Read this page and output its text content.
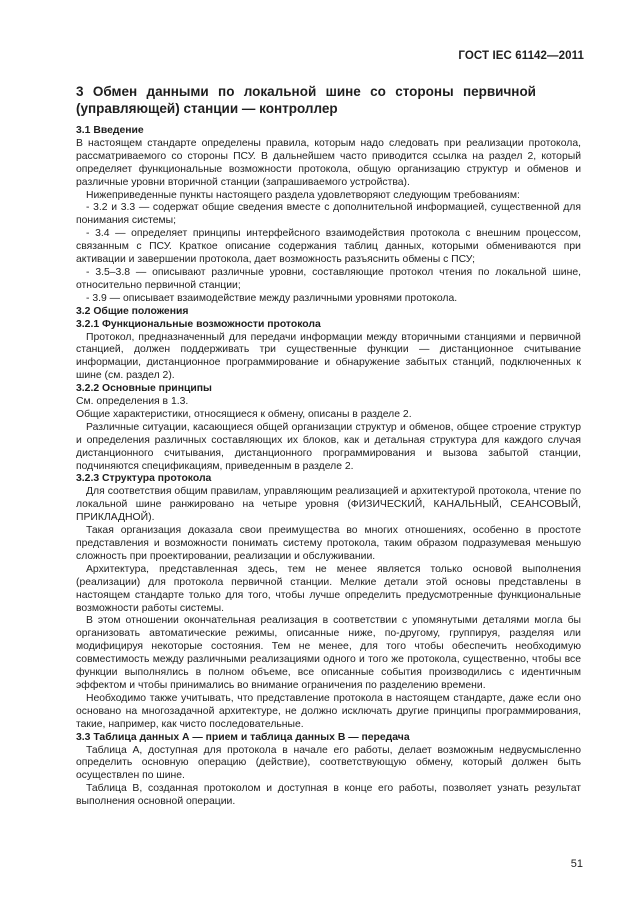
ГОСТ IEC 61142—2011
3 Обмен данными по локальной шине со стороны первичной (управляющей) станции — контроллер

3.1 Введение

В настоящем стандарте определены правила, которым надо следовать при реализации протокола, рассматриваемого со стороны ПСУ. В дальнейшем часто приводится ссылка на раздел 2, который определяет функциональные возможности протокола, общую организацию структур и обменов и различные уровни вторичной станции (запрашиваемого устройства).

Нижеприведенные пункты настоящего раздела удовлетворяют следующим требованиям:

- 3.2 и 3.3 — содержат общие сведения вместе с дополнительной информацией, существенной для понимания системы;

- 3.4 — определяет принципы интерфейсного взаимодействия протокола с внешним процессом, связанным с ПСУ. Краткое описание содержания таблиц данных, которыми обмениваются при активации и завершении протокола, дает возможность разъяснить обмены с ПСУ;

- 3.5–3.8 — описывают различные уровни, составляющие протокол чтения по локальной шине, относительно первичной станции;

- 3.9 — описывает взаимодействие между различными уровнями протокола.

3.2 Общие положения

3.2.1 Функциональные возможности протокола

Протокол, предназначенный для передачи информации между вторичными станциями и первичной станцией, должен поддерживать три существенные функции — дистанционное считывание информации, дистанционное программирование и обнаружение забытых станций, подключенных к шине (см. раздел 2).

3.2.2 Основные принципы

См. определения в 1.3.

Общие характеристики, относящиеся к обмену, описаны в разделе 2.

Различные ситуации, касающиеся общей организации структур и обменов, общее строение структур и определения различных составляющих их блоков, как и детальная структура для каждого случая дистанционного считывания, дистанционного программирования и вызова забытой станции, подчиняются спецификациям, приведенным в разделе 2.

3.2.3 Структура протокола

Для соответствия общим правилам, управляющим реализацией и архитектурой протокола, чтение по локальной шине ранжировано на четыре уровня (ФИЗИЧЕСКИЙ, КАНАЛЬНЫЙ, СЕАНСОВЫЙ, ПРИКЛАДНОЙ).

Такая организация доказала свои преимущества во многих отношениях, особенно в простоте представления и возможности понимать систему протокола, таким образом подразумевая меньшую сложность при проектировании, реализации и обслуживании.

Архитектура, представленная здесь, тем не менее является только основой выполнения (реализации) для протокола первичной станции. Мелкие детали этой основы представлены в настоящем стандарте только для того, чтобы лучше определить предусмотренные функциональные возможности работы системы.

В этом отношении окончательная реализация в соответствии с упомянутыми деталями могла бы организовать автоматические режимы, описанные ниже, по-другому, группируя, разделяя или модифицируя некоторые состояния. Тем не менее, для того чтобы обеспечить необходимую совместимость между различными реализациями одного и того же протокола, существенно, чтобы все функции выполнялись в полном объеме, все описанные события производились с идентичным эффектом и чтобы принимались во внимание ограничения по разделению времени.

Необходимо также учитывать, что представление протокола в настоящем стандарте, даже если оно основано на многозадачной архитектуре, не должно исключать другие принципы программирования, такие, например, как чисто последовательные.

3.3 Таблица данных А — прием и таблица данных В — передача

Таблица А, доступная для протокола в начале его работы, делает возможным недвусмысленно определить основную операцию (действие), соответствующую обмену, который должен быть осуществлен по шине.

Таблица В, созданная протоколом и доступная в конце его работы, позволяет узнать результат выполнения основной операции.

51
